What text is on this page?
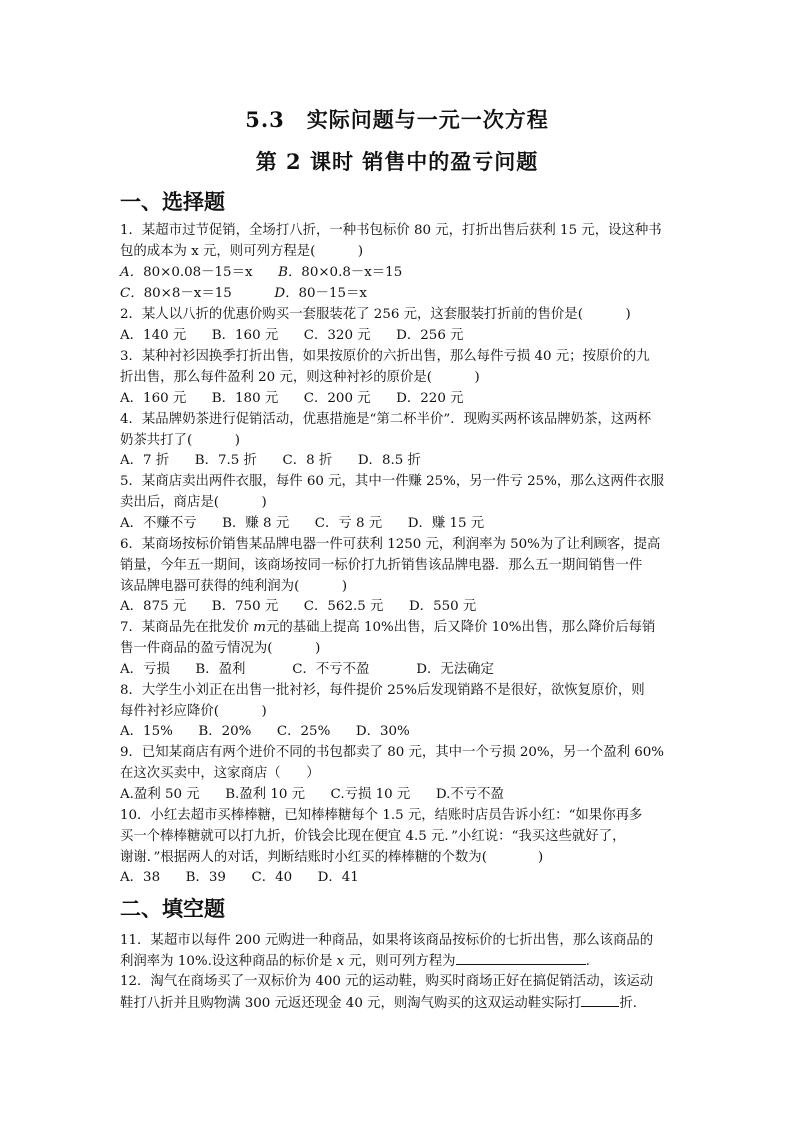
5.3　实际问题与一元一次方程
第 2 课时 销售中的盈亏问题
一、选择题
1．某超市过节促销，全场打八折，一种书包标价 80 元，打折出售后获利 15 元，设这种书
包的成本为 x 元，则可列方程是(          )
A．80×0.08－15＝x B．80×0.8－x＝15
C．80×8－x＝15	D．80－15＝x
2．某人以八折的优惠价购买一套服装花了 256 元，这套服装打折前的售价是(          )
A．140 元      B．160 元      C．320 元      D．256 元
3．某种衬衫因换季打折出售，如果按原价的六折出售，那么每件亏损 40 元；按原价的九
折出售，那么每件盈利 20 元，则这种衬衫的原价是(          )
A．160 元      B．180 元      C．200 元      D．220 元
4．某品牌奶茶进行促销活动，优惠措施是“第二杯半价”．现购买两杯该品牌奶茶，这两杯
奶茶共打了(          )
A．7 折      B．7.5 折      C．8 折      D．8.5 折
5．某商店卖出两件衣服，每件 60 元，其中一件赚 25%，另一件亏 25%，那么这两件衣服
卖出后，商店是(          )
A．不赚不亏      B．赚 8 元      C．亏 8 元      D．赚 15 元
6．某商场按标价销售某品牌电器一件可获利 1250 元，利润率为 50%为了让利顾客，提高
销量，今年五一期间，该商场按同一标价打九折销售该品牌电器．那么五一期间销售一件
该品牌电器可获得的纯利润为(          )
A．875 元      B．750 元      C．562.5 元      D．550 元
7．某商品先在批发价 m元的基础上提高 10%出售，后又降价 10%出售，那么降价后每销
售一件商品的盈亏情况为(          )
A．亏损      B．盈利           C．不亏不盈           D．无法确定
8．大学生小刘正在出售一批衬衫，每件提价 25%后发现销路不是很好，欲恢复原价，则
每件衬衫应降价(          )
A．15%      B．20%      C．25%      D．30%
9．已知某商店有两个进价不同的书包都卖了 80 元，其中一个亏损 20%，另一个盈利 60%
在这次买卖中，这家商店（      ）
A.盈利 50 元      B.盈利 10 元      C.亏损 10 元      D.不亏不盈
10．小红去超市买棒棒糖，已知棒棒糖每个 1.5 元，结账时店员告诉小红：“如果你再多
买一个棒棒糖就可以打九折，价钱会比现在便宜 4.5 元．”小红说：“我买这些就好了，
谢谢．”根据两人的对话，判断结账时小红买的棒棒糖的个数为(            )
A．38      B．39      C．40      D．41
二、填空题
11．某超市以每件 200 元购进一种商品，如果将该商品按标价的七折出售，那么该商品的
利润率为 10%.设这种商品的标价是 x 元，则可列方程为	.
12．淘气在商场买了一双标价为 400 元的运动鞋，购买时商场正好在搞促销活动，该运动
鞋打八折并且购物满 300 元返还现金 40 元，则淘气购买的这双运动鞋实际打	折．
